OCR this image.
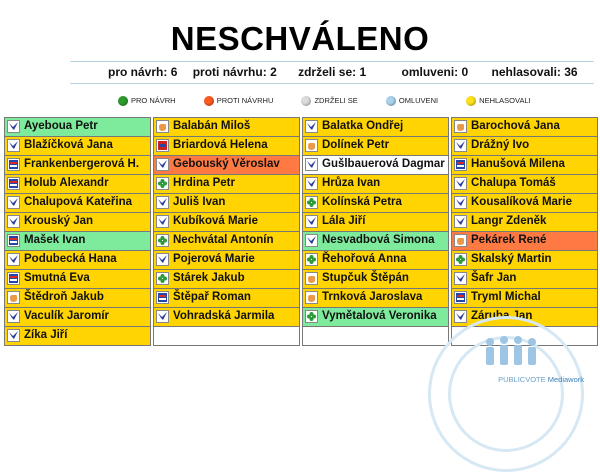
NESCHVÁLENO
pro návrh: 6 proti návrhu: 2 zdrželi se: 1	omluveni: 0 nehlasovali: 36
PRO NÁVRH	PROTI NÁVRHU	ZDRŽELI SE	OMLUVENI	NEHLASOVALI
Ayeboua Petr	Balabán Miloš	Balatka Ondřej	Barochová Jana
Blažíčková Jana	Briardová Helena	Dolínek Petr	Drážný Ivo
Frankenbergerová H.	Gebouský Věroslav	Gušlbauerová Dagmar	Hanušová Milena
Holub Alexandr	Hrdina Petr	Hrůza Ivan	Chalupa Tomáš
Chalupová Kateřina	Juliš Ivan	Kolínská Petra	Kousalíková Marie
Krouský Jan	Kubíková Marie	Lála Jiří	Langr Zdeněk
Mašek Ivan	Nechvátal Antonín	Nesvadbová Simona	Pekárek René
Podubecká Hana	Pojerová Marie	Řehořová Anna	Skalský Martin
Smutná Eva	Stárek Jakub	Stupčuk Štěpán	Šafr Jan
Štědroň Jakub	Štěpař Roman	Trnková Jaroslava	Tryml Michal
Vaculík Jaromír	Vohradská Jarmila	Vymětalová Veronika	Záruba Jan
Zíka Jiří
PUBLICVOTE Mediawork
